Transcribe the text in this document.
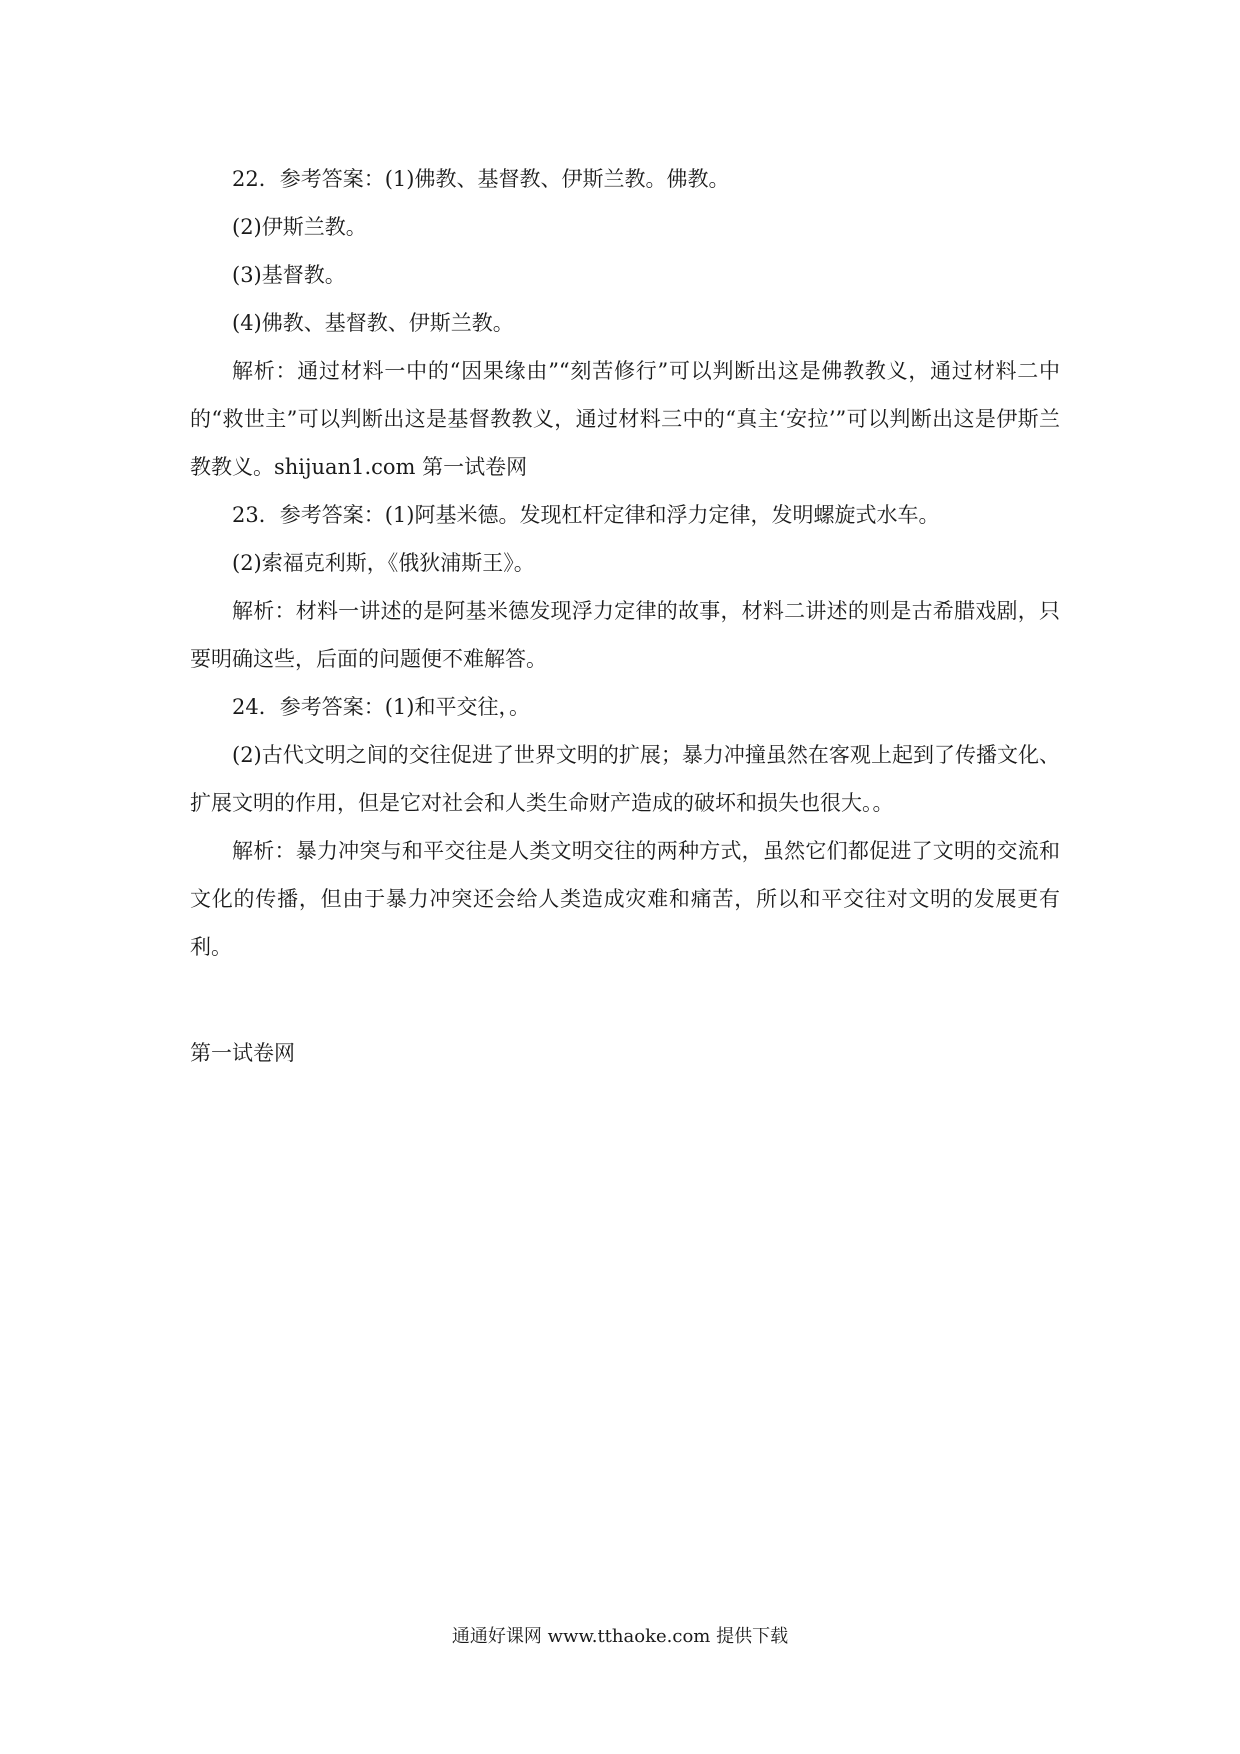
22．参考答案：(1)佛教、基督教、伊斯兰教。佛教。

(2)伊斯兰教。

(3)基督教。

(4)佛教、基督教、伊斯兰教。

解析：通过材料一中的“因果缘由”“刻苦修行”可以判断出这是佛教教义，通过材料二中的“救世主”可以判断出这是基督教教义，通过材料三中的“真主‘安拉’”可以判断出这是伊斯兰教教义。shijuan1.com 第一试卷网

23．参考答案：(1)阿基米德。发现杠杆定律和浮力定律，发明螺旋式水车。

(2)索福克利斯，《俄狄浦斯王》。

解析：材料一讲述的是阿基米德发现浮力定律的故事，材料二讲述的则是古希腊戏剧，只要明确这些，后面的问题便不难解答。

24．参考答案：(1)和平交往，。

(2)古代文明之间的交往促进了世界文明的扩展；暴力冲撞虽然在客观上起到了传播文化、扩展文明的作用，但是它对社会和人类生命财产造成的破坏和损失也很大。。

解析：暴力冲突与和平交往是人类文明交往的两种方式，虽然它们都促进了文明的交流和文化的传播，但由于暴力冲突还会给人类造成灾难和痛苦，所以和平交往对文明的发展更有利。

第一试卷网
通通好课网 www.tthaoke.com 提供下载
